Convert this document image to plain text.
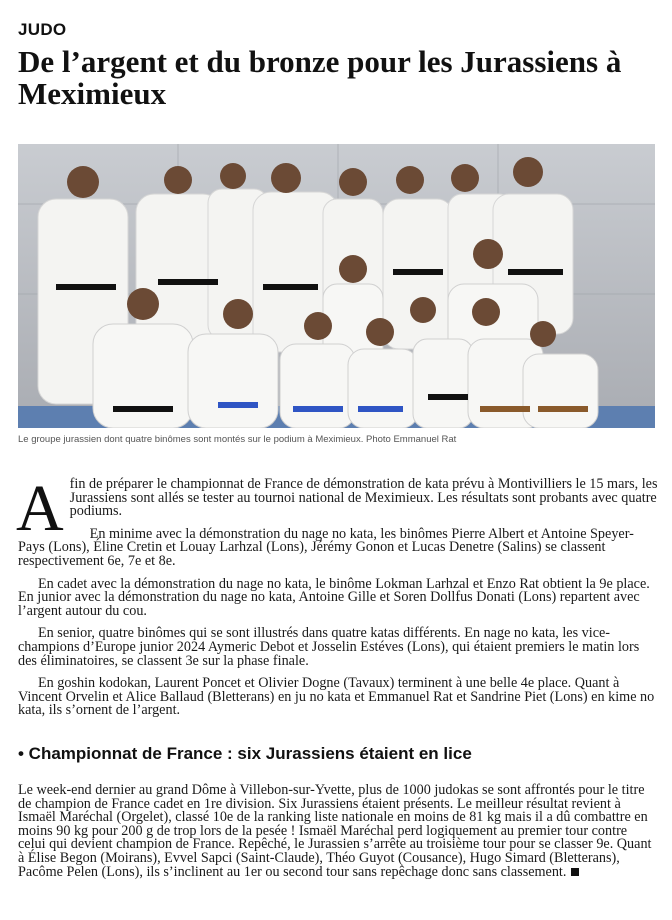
JUDO
De l’argent et du bronze pour les Jurassiens à Meximieux
Le groupe jurassien dont quatre binômes sont montés sur le podium à Meximieux. Photo Emmanuel Rat

Afin de préparer le championnat de France de démonstration de kata prévu à Montivilliers le 15 mars, les Jurassiens sont allés se tester au tournoi national de Meximieux. Les résultats sont probants avec quatre podiums.

En minime avec la démonstration du nage no kata, les binômes Pierre Albert et Antoine Speyer-Pays (Lons), Éline Cretin et Louay Larhzal (Lons), Jérémy Gonon et Lucas Denetre (Salins) se classent respectivement 6e, 7e et 8e.

En cadet avec la démonstration du nage no kata, le binôme Lokman Larhzal et Enzo Rat obtient la 9e place. En junior avec la démonstration du nage no kata, Antoine Gille et Soren Dollfus Donati (Lons) repartent avec l’argent autour du cou.

En senior, quatre binômes qui se sont illustrés dans quatre katas différents. En nage no kata, les vice-champions d’Europe junior 2024 Aymeric Debot et Josselin Estéves (Lons), qui étaient premiers le matin lors des éliminatoires, se classent 3e sur la phase finale.

En goshin kodokan, Laurent Poncet et Olivier Dogne (Tavaux) terminent à une belle 4e place. Quant à Vincent Orvelin et Alice Ballaud (Bletterans) en ju no kata et Emmanuel Rat et Sandrine Piet (Lons) en kime no kata, ils s’ornent de l’argent.

• Championnat de France : six Jurassiens étaient en lice
Le week-end dernier au grand Dôme à Villebon-sur-Yvette, plus de 1000 judokas se sont affrontés pour le titre de champion de France cadet en 1re division. Six Jurassiens étaient présents. Le meilleur résultat revient à Ismaël Maréchal (Orgelet), classé 10e de la ranking liste nationale en moins de 81 kg mais il a dû combattre en moins 90 kg pour 200 g de trop lors de la pesée ! Ismaël Maréchal perd logiquement au premier tour contre celui qui devient champion de France. Repêché, le Jurassien s’arrête au troisième tour pour se classer 9e. Quant à Élise Begon (Moirans), Evvel Sapci (Saint-Claude), Théo Guyot (Cousance), Hugo Simard (Bletterans), Pacôme Pelen (Lons), ils s’inclinent au 1er ou second tour sans repêchage donc sans classement.
